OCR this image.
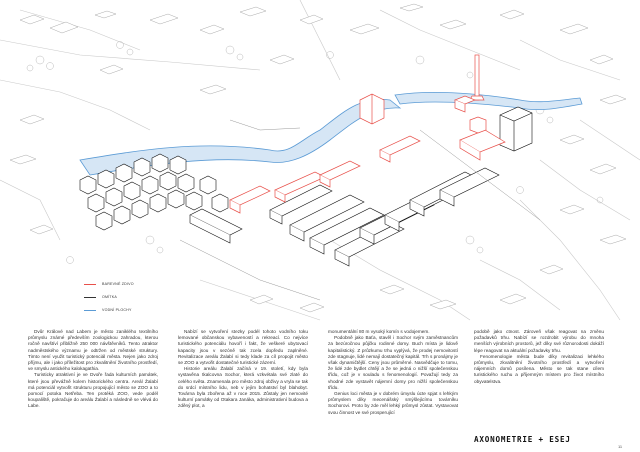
BAREVNÉ ZDIVO
OMÍTKA
VODNÍ PLOCHY

Dvůr Králové nad Labem je město zaniklého textilního průmyslu známé především zoologickou zahradou, kterou ročně navštíví přibližně 250 000 návštěvníků. Tento atraktor nadměstského významu je odtržen od městské struktury. Timto není využit turistický potenciál města. Nejen jako zdroj příjmu, ale i jako příležitost pro zkvalitnění životního prostředí, ve smyslu antického kalokagathia.

Turisticky atraktivní je ve Dvoře řada kulturních památek, které jsou převážně kolem historického centra. Areál Žalabí má potenciál vytvořit strukturu propojující město se ZOO a to pomocí potoka Netřeba. Ten protéká ZOO, vede podél koupaliště, pokračuje do areálu Žalabí a následně se vlévá do Labe.

Nabízí se vytvoření stezky podél tohoto vodního toku lemované občanskou vybaveností a rekreací. Co nejvíce turistického potenciálu hovoří i fakt, že veškeré ubytovací kapacity jsou v sezóně tak zcela dopředu zaplněné. Revitalizace areálu Žalabí si tedy klade za cíl propojit město se ZOO a vytvořit dostatečné turistické zázemí.

Historie areálu Žalabí začíná v 19. století, kdy byla vystavěna tkalcovna Sochor, která vzkvétala své zlaté do celého světa. Znamenala pro město zdroj obživy a vryla se tak do srdcí místního lidu, neb v jejím bohatství byl blahobyt. Továrna byla zbořena až v roce 2015. Zůstaly jen nemovité kulturní památky od Otakara Janáka, administrativní budova a zděný plot, a

monumentální 80 m vysoký komín s vodojemem.

Podobně jako Baťa, stavěl i Sochor svým zaměstnancům za bezúročnou půjčku rodinné domy. Buch místa je lidově kapitalistický. Z průzkumu trhu vyplývá, že prodej nemovitostí zde stagnuje, lidé nemají dostatečný kapitál. Trh s pronájmy je však dynamičtější. Ceny jsou průměrné. Nasvědčuje to tomu, že lidé zde bydlet chtějí a že se jedná o nižší společenskou třídu, což je v souladu s fenomenologií. Považují tedy za vhodné zde vystavět nájemní domy pro nižší společenskou třídu.

Genius loci města je v dobrém úmyslu úcte spjat s lehkým průmyslem díky mecenášský smýšlejícímu továrníku Sochorovi. Proto by zde měl lehký průmysl zůstat. Vystavovat svou činnost ve své prosperující

podobě jako ctnost. Zároveň však reagovat na změnu požadavků trhu. Nabízí se rozdrobit výrobu do mnoha menších výrobních prostorů, jež díky své různorodosti dokáží lépe reagovat na aktuální požadavky trhu.

Fenomenologie města bude díky revitalizaci lehkého průmyslu, zkvalitnění životního prostředí a vytvoření nájemních domů posílena. Město se tak stane cílem turistického ruchu a příjemným místem pro život místního obyvatelstva.

AXONOMETRIE + ESEJ
11
